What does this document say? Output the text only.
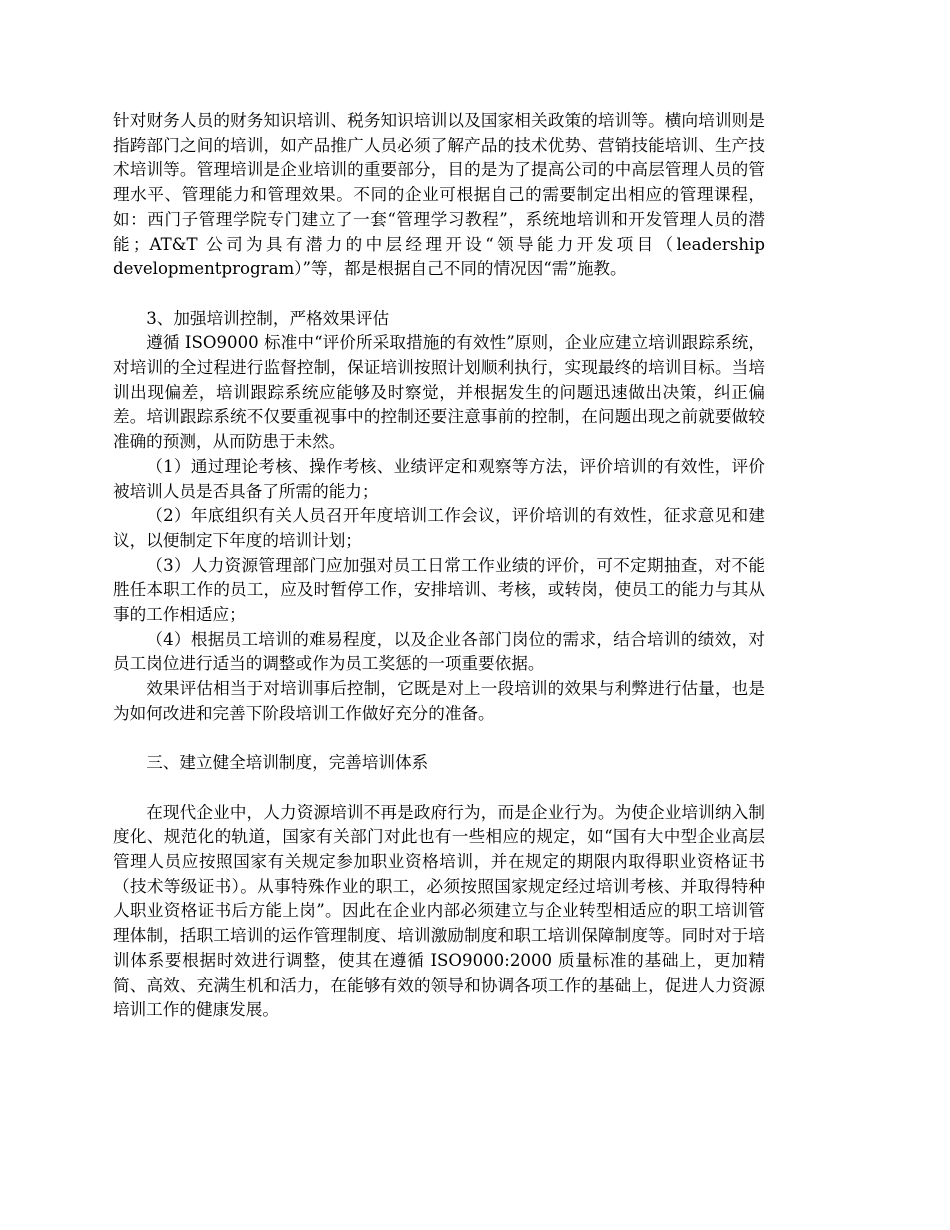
针对财务人员的财务知识培训、税务知识培训以及国家相关政策的培训等。横向培训则是指跨部门之间的培训，如产品推广人员必须了解产品的技术优势、营销技能培训、生产技术培训等。管理培训是企业培训的重要部分，目的是为了提高公司的中高层管理人员的管理水平、管理能力和管理效果。不同的企业可根据自己的需要制定出相应的管理课程，如：西门子管理学院专门建立了一套“管理学习教程”，系统地培训和开发管理人员的潜能；AT&T 公司为具有潜力的中层经理开设“领导能力开发项目（leadership developmentprogram）”等，都是根据自己不同的情况因“需”施教。

3、加强培训控制，严格效果评估

遵循 ISO9000 标准中“评价所采取措施的有效性”原则，企业应建立培训跟踪系统，对培训的全过程进行监督控制，保证培训按照计划顺利执行，实现最终的培训目标。当培训出现偏差，培训跟踪系统应能够及时察觉，并根据发生的问题迅速做出决策，纠正偏差。培训跟踪系统不仅要重视事中的控制还要注意事前的控制，在问题出现之前就要做较准确的预测，从而防患于未然。

（1）通过理论考核、操作考核、业绩评定和观察等方法，评价培训的有效性，评价被培训人员是否具备了所需的能力；

（2）年底组织有关人员召开年度培训工作会议，评价培训的有效性，征求意见和建议，以便制定下年度的培训计划；

（3）人力资源管理部门应加强对员工日常工作业绩的评价，可不定期抽查，对不能胜任本职工作的员工，应及时暂停工作，安排培训、考核，或转岗，使员工的能力与其从事的工作相适应；

（4）根据员工培训的难易程度，以及企业各部门岗位的需求，结合培训的绩效，对员工岗位进行适当的调整或作为员工奖惩的一项重要依据。

效果评估相当于对培训事后控制，它既是对上一段培训的效果与利弊进行估量，也是为如何改进和完善下阶段培训工作做好充分的准备。

三、建立健全培训制度，完善培训体系

在现代企业中，人力资源培训不再是政府行为，而是企业行为。为使企业培训纳入制度化、规范化的轨道，国家有关部门对此也有一些相应的规定，如“国有大中型企业高层管理人员应按照国家有关规定参加职业资格培训，并在规定的期限内取得职业资格证书（技术等级证书）。从事特殊作业的职工，必须按照国家规定经过培训考核、并取得特种人职业资格证书后方能上岗”。因此在企业内部必须建立与企业转型相适应的职工培训管理体制，括职工培训的运作管理制度、培训激励制度和职工培训保障制度等。同时对于培训体系要根据时效进行调整，使其在遵循 ISO9000:2000 质量标准的基础上，更加精简、高效、充满生机和活力，在能够有效的领导和协调各项工作的基础上，促进人力资源培训工作的健康发展。
